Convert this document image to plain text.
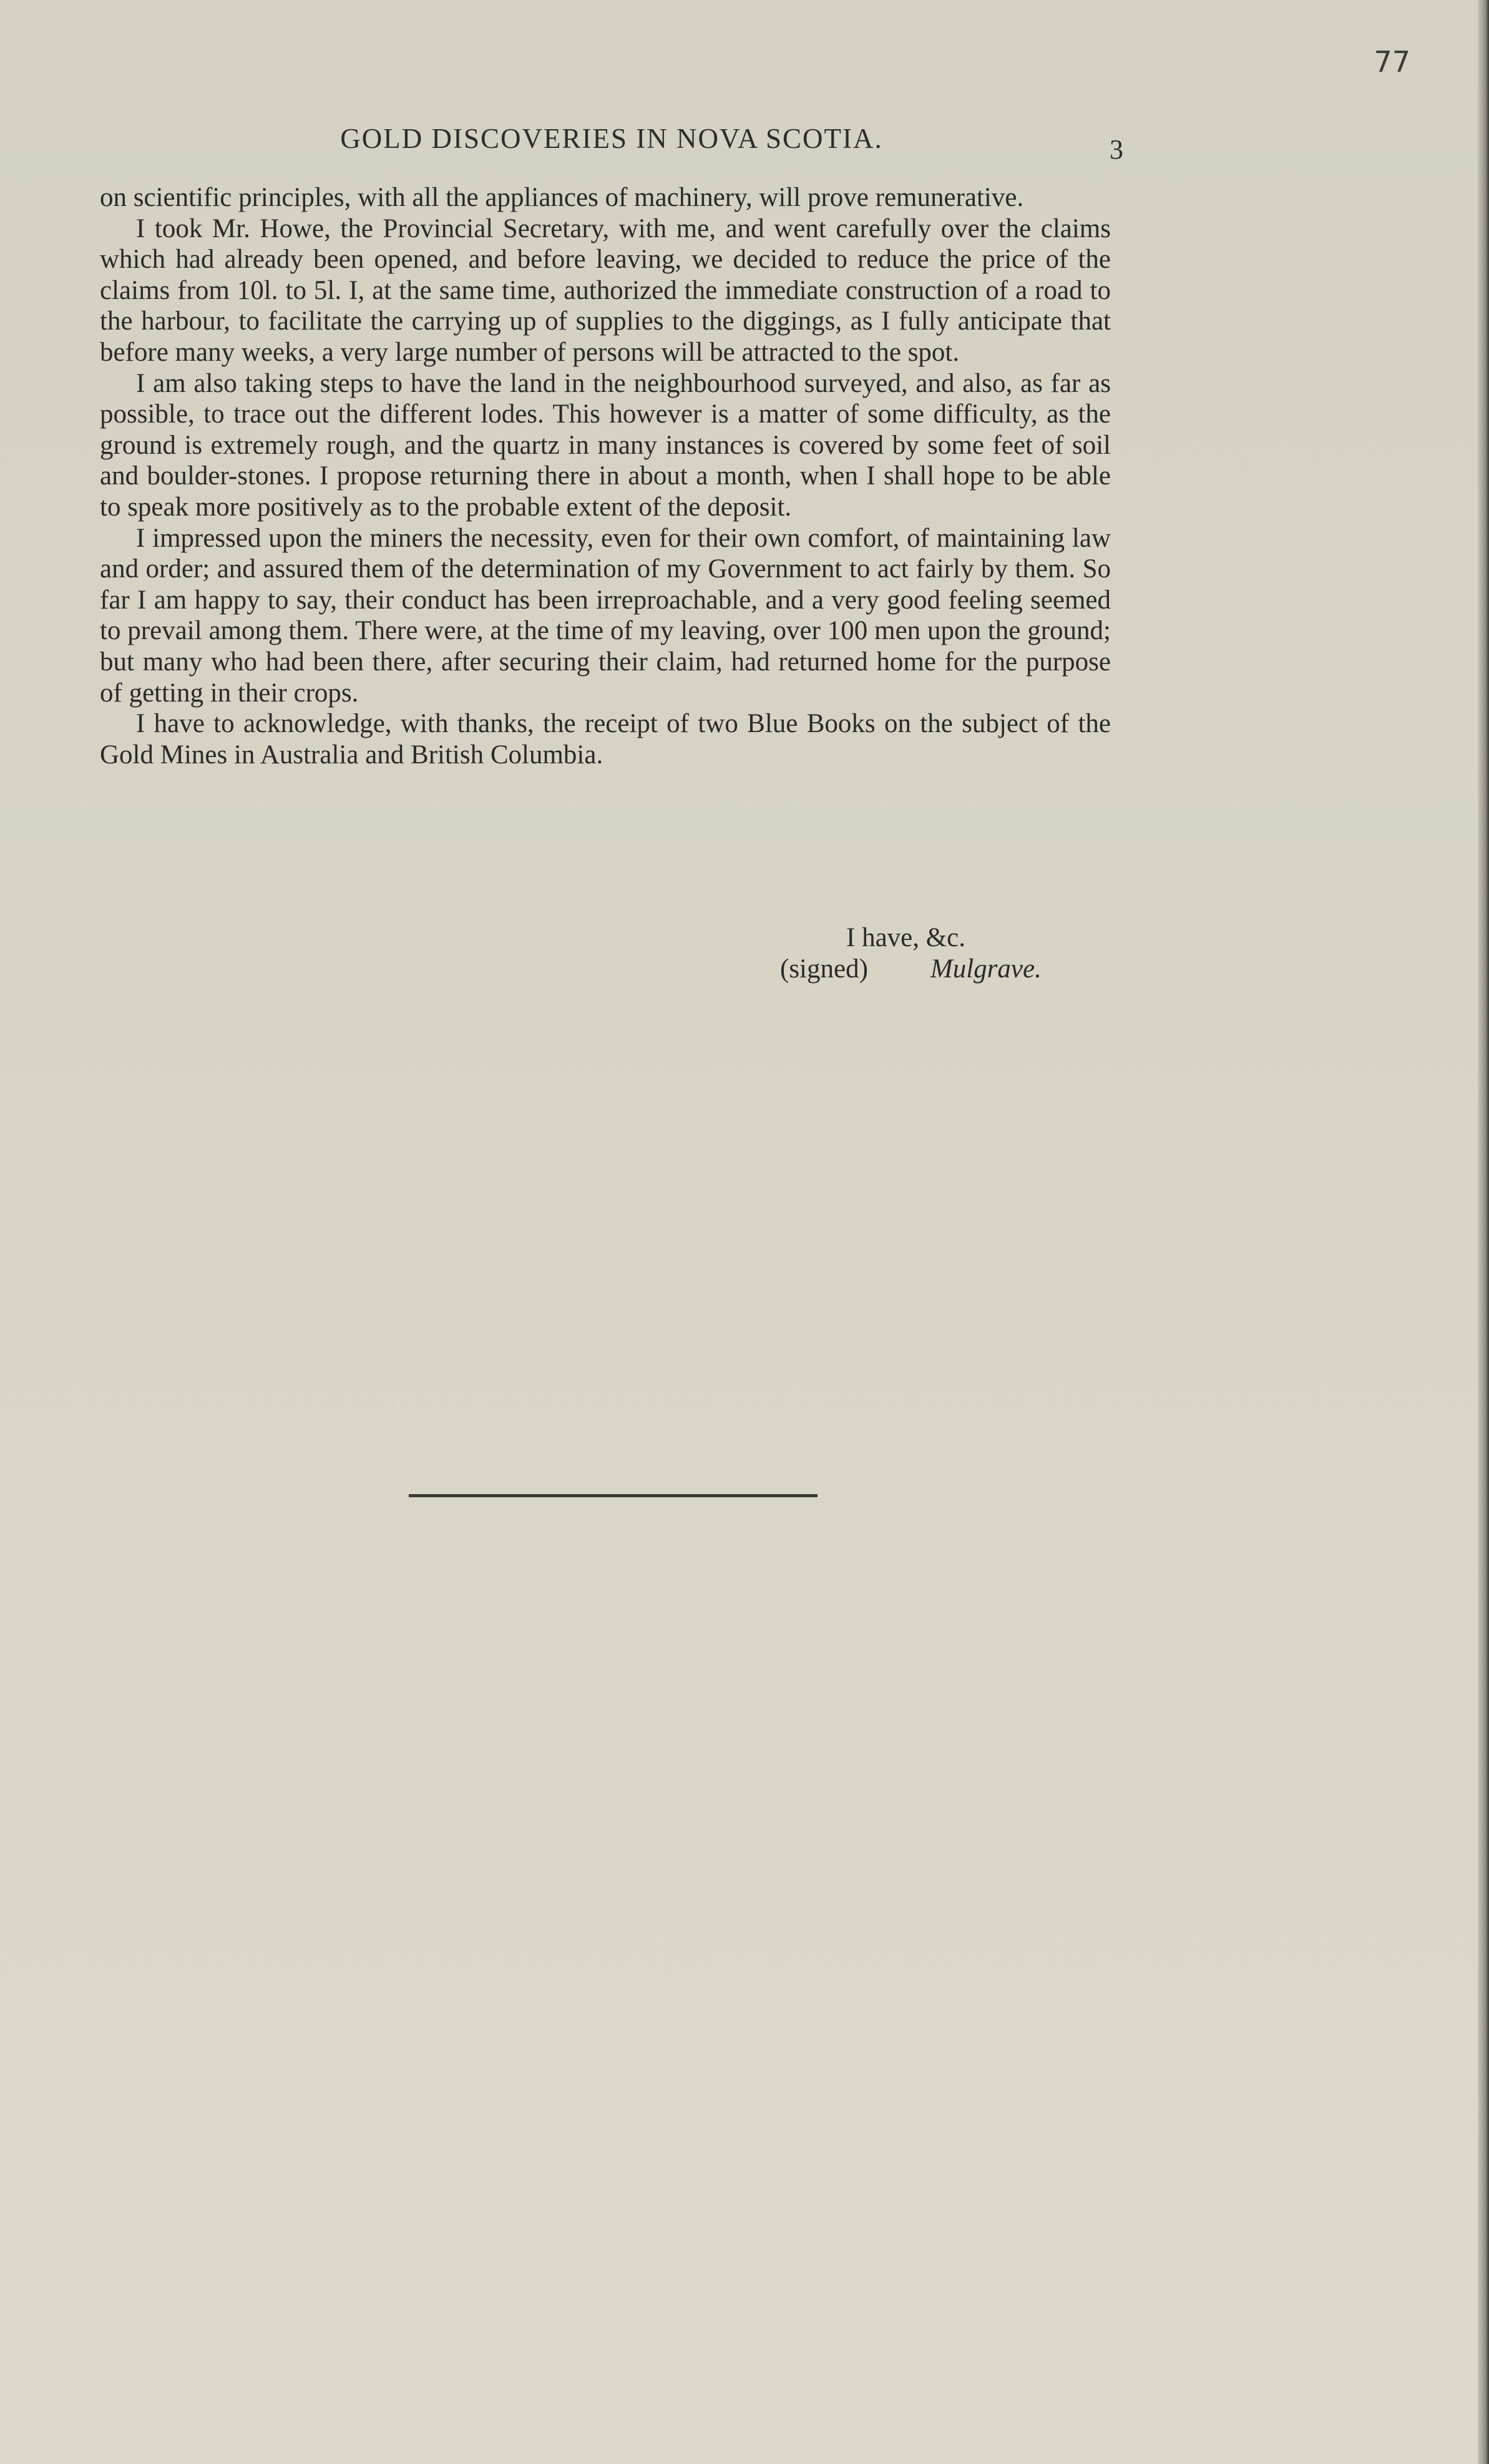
77
GOLD DISCOVERIES IN NOVA SCOTIA.	3

on scientific principles, with all the appliances of machinery, will prove remunerative.

I took Mr. Howe, the Provincial Secretary, with me, and went carefully over the claims which had already been opened, and before leaving, we decided to reduce the price of the claims from 10l. to 5l. I, at the same time, authorized the immediate construction of a road to the harbour, to facilitate the carrying up of supplies to the diggings, as I fully anticipate that before many weeks, a very large number of persons will be attracted to the spot.

I am also taking steps to have the land in the neighbourhood surveyed, and also, as far as possible, to trace out the different lodes. This however is a matter of some difficulty, as the ground is extremely rough, and the quartz in many instances is covered by some feet of soil and boulder-stones. I propose returning there in about a month, when I shall hope to be able to speak more positively as to the probable extent of the deposit.

I impressed upon the miners the necessity, even for their own comfort, of maintaining law and order; and assured them of the determination of my Government to act fairly by them. So far I am happy to say, their conduct has been irreproachable, and a very good feeling seemed to prevail among them. There were, at the time of my leaving, over 100 men upon the ground; but many who had been there, after securing their claim, had returned home for the purpose of getting in their crops.

I have to acknowledge, with thanks, the receipt of two Blue Books on the subject of the Gold Mines in Australia and British Columbia.

I have, &c.
(signed) Mulgrave.
